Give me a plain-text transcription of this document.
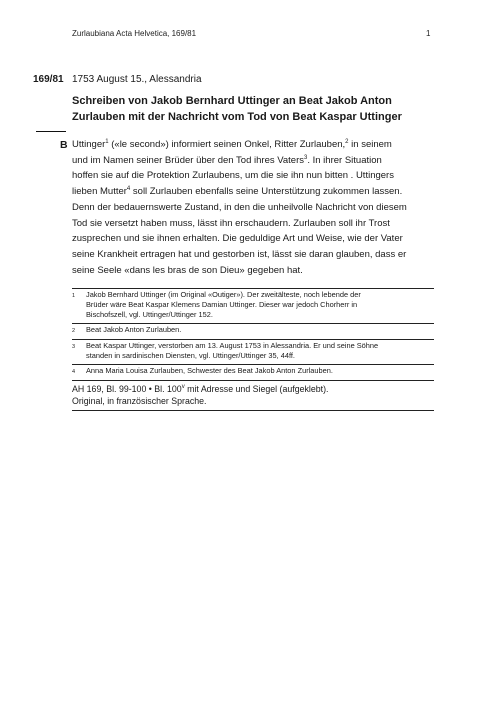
Zurlaubiana Acta Helvetica, 169/81	1
169/81 1753 August 15., Alessandria
Schreiben von Jakob Bernhard Uttinger an Beat Jakob Anton
Zurlauben mit der Nachricht vom Tod von Beat Kaspar Uttinger
B Uttinger$^1$ («le second») informiert seinen Onkel, Ritter Zurlauben,$^2$ in seinem

und im Namen seiner Brüder über den Tod ihres Vaters$^3$. In ihrer Situation

hoffen sie auf die Protektion Zurlaubens, um die sie ihn nun bitten . Uttingers

lieben Mutter$^4$ soll Zurlauben ebenfalls seine Unterstützung zukommen lassen.

Denn der bedauernswerte Zustand, in den die unheilvolle Nachricht von diesem

Tod sie versetzt haben muss, lässt ihn erschaudern. Zurlauben soll ihr Trost

zusprechen und sie ihnen erhalten. Die geduldige Art und Weise, wie der Vater

seine Krankheit ertragen hat und gestorben ist, lässt sie daran glauben, dass er

seine Seele «dans les bras de son Dieu» gegeben hat.

1	Jakob Bernhard Uttinger (im Original «Outiger»). Der zweitälteste, noch lebende der

Brüder wäre Beat Kaspar Klemens Damian Uttinger. Dieser war jedoch Chorherr in

Bischofszell, vgl. Uttinger/Uttinger 152.

2	Beat Jakob Anton Zurlauben.

3	Beat Kaspar Uttinger, verstorben am 13. August 1753 in Alessandria. Er und seine Söhne

standen in sardinischen Diensten, vgl. Uttinger/Uttinger 35, 44ff.

4	Anna Maria Louisa Zurlauben, Schwester des Beat Jakob Anton Zurlauben.

AH 169, Bl. 99-100 • Bl. 100$^v$ mit Adresse und Siegel (aufgeklebt).

Original, in französischer Sprache.
